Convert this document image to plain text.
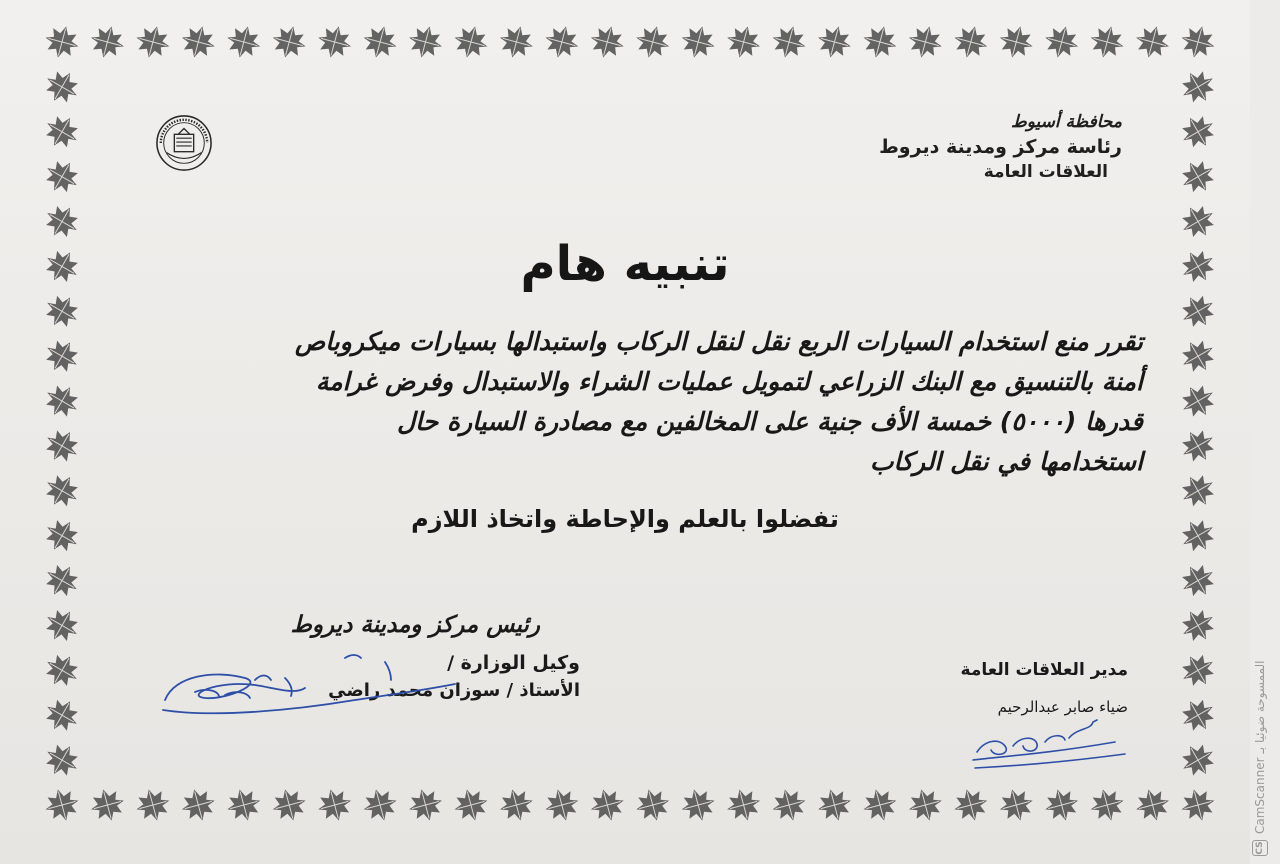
محافظة أسيوط
رئاسة مركز ومدينة ديروط
العلاقات العامة
تنبيه هام
تقرر منع استخدام السيارات الربع نقل لنقل الركاب واستبدالها بسيارات ميكروباص
أمنة بالتنسيق مع البنك الزراعي لتمويل عمليات الشراء والاستبدال وفرض غرامة
قدرها (٥٠٠٠) خمسة الأف جنية على المخالفين مع مصادرة السيارة حال
استخدامها في نقل الركاب
تفضلوا بالعلم والإحاطة واتخاذ اللازم
رئيس مركز ومدينة ديروط
وكيل الوزارة /
الأستاذ / سوزان محمد راضي
مدير العلاقات العامة
ضياء صابر عبدالرحيم
CS
CamScanner الممسوحة ضوئيا بـ
